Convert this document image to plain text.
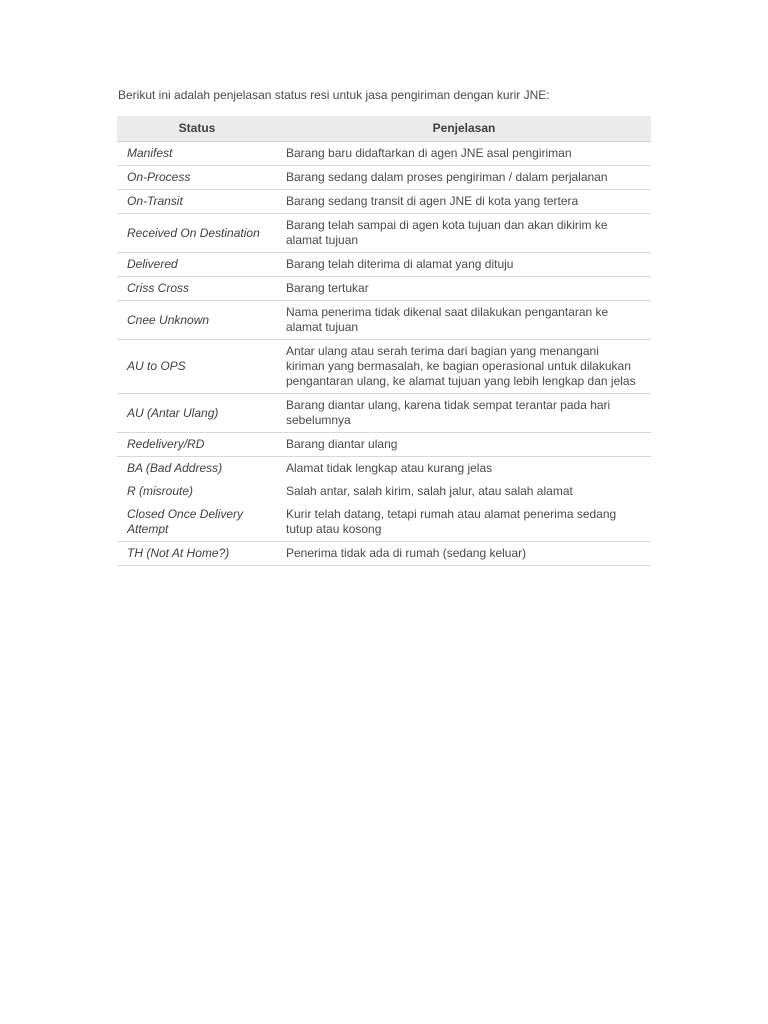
Berikut ini adalah penjelasan status resi untuk jasa pengiriman dengan kurir JNE:

Status	Penjelasan
Manifest	Barang baru didaftarkan di agen JNE asal pengiriman
On-Process	Barang sedang dalam proses pengiriman / dalam perjalanan
On-Transit	Barang sedang transit di agen JNE di kota yang tertera
Received On Destination	Barang telah sampai di agen kota tujuan dan akan dikirim ke alamat tujuan
Delivered	Barang telah diterima di alamat yang dituju
Criss Cross	Barang tertukar
Cnee Unknown	Nama penerima tidak dikenal saat dilakukan pengantaran ke alamat tujuan
AU to OPS	Antar ulang atau serah terima dari bagian yang menangani kiriman yang bermasalah, ke bagian operasional untuk dilakukan pengantaran ulang, ke alamat tujuan yang lebih lengkap dan jelas
AU (Antar Ulang)	Barang diantar ulang, karena tidak sempat terantar pada hari sebelumnya
Redelivery/RD	Barang diantar ulang
BA (Bad Address)	Alamat tidak lengkap atau kurang jelas
R (misroute)	Salah antar, salah kirim, salah jalur, atau salah alamat
Closed Once Delivery Attempt	Kurir telah datang, tetapi rumah atau alamat penerima sedang tutup atau kosong
TH (Not At Home?)	Penerima tidak ada di rumah (sedang keluar)
